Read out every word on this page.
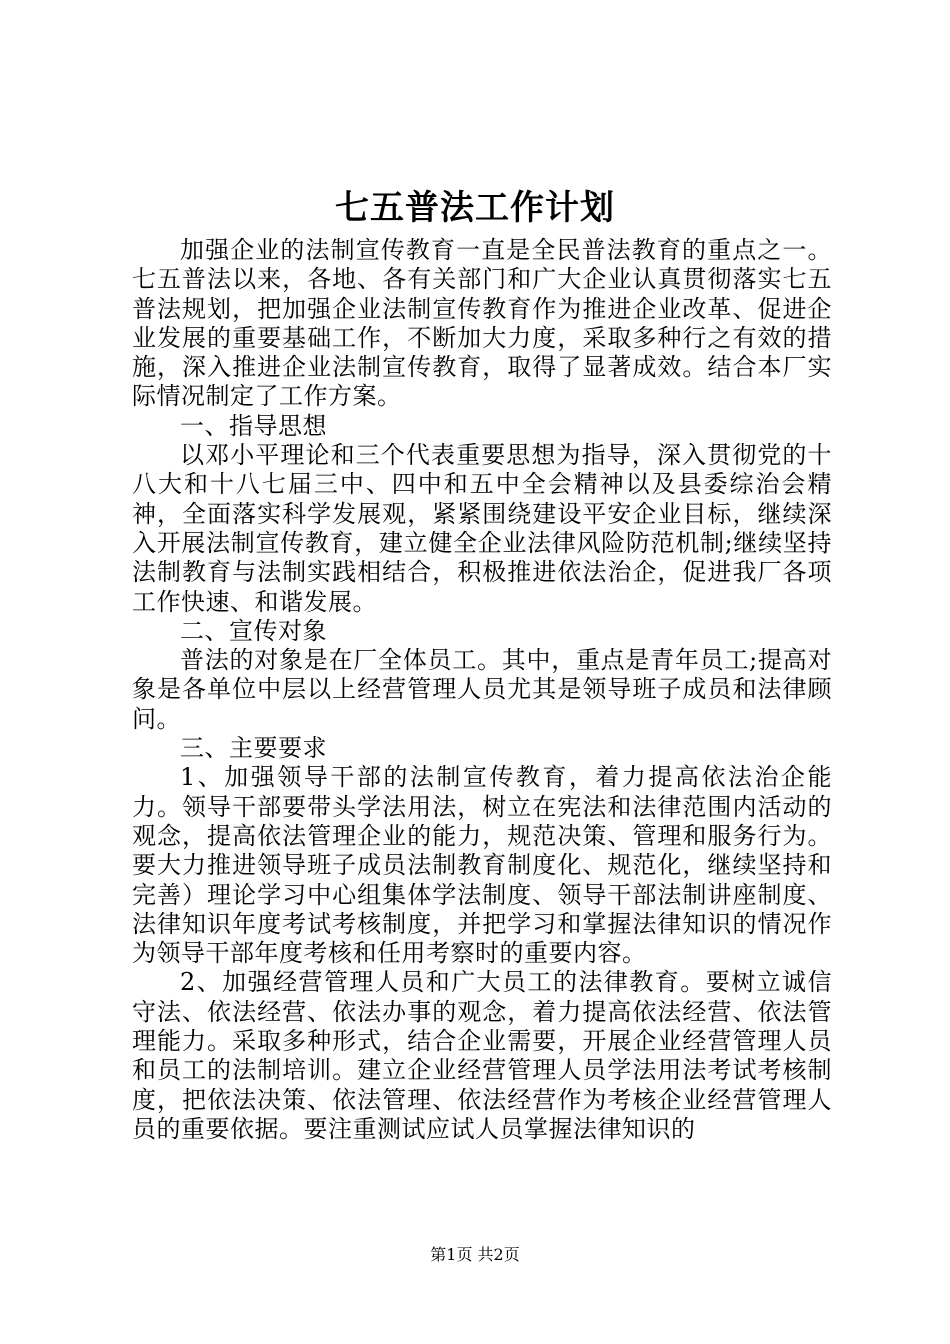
七五普法工作计划

加强企业的法制宣传教育一直是全民普法教育的重点之一。七五普法以来，各地、各有关部门和广大企业认真贯彻落实七五普法规划，把加强企业法制宣传教育作为推进企业改革、促进企业发展的重要基础工作，不断加大力度，采取多种行之有效的措施，深入推进企业法制宣传教育，取得了显著成效。结合本厂实际情况制定了工作方案。

一、指导思想

以邓小平理论和三个代表重要思想为指导，深入贯彻党的十八大和十八七届三中、四中和五中全会精神以及县委综治会精神，全面落实科学发展观，紧紧围绕建设平安企业目标，继续深入开展法制宣传教育，建立健全企业法律风险防范机制;继续坚持法制教育与法制实践相结合，积极推进依法治企，促进我厂各项工作快速、和谐发展。

二、宣传对象

普法的对象是在厂全体员工。其中，重点是青年员工;提高对象是各单位中层以上经营管理人员尤其是领导班子成员和法律顾问。

三、主要要求

1、加强领导干部的法制宣传教育，着力提高依法治企能力。领导干部要带头学法用法，树立在宪法和法律范围内活动的观念，提高依法管理企业的能力，规范决策、管理和服务行为。要大力推进领导班子成员法制教育制度化、规范化，继续坚持和完善）理论学习中心组集体学法制度、领导干部法制讲座制度、法律知识年度考试考核制度，并把学习和掌握法律知识的情况作为领导干部年度考核和任用考察时的重要内容。

2、加强经营管理人员和广大员工的法律教育。要树立诚信守法、依法经营、依法办事的观念，着力提高依法经营、依法管理能力。采取多种形式，结合企业需要，开展企业经营管理人员和员工的法制培训。建立企业经营管理人员学法用法考试考核制度，把依法决策、依法管理、依法经营作为考核企业经营管理人员的重要依据。要注重测试应试人员掌握法律知识的

第1页 共2页
